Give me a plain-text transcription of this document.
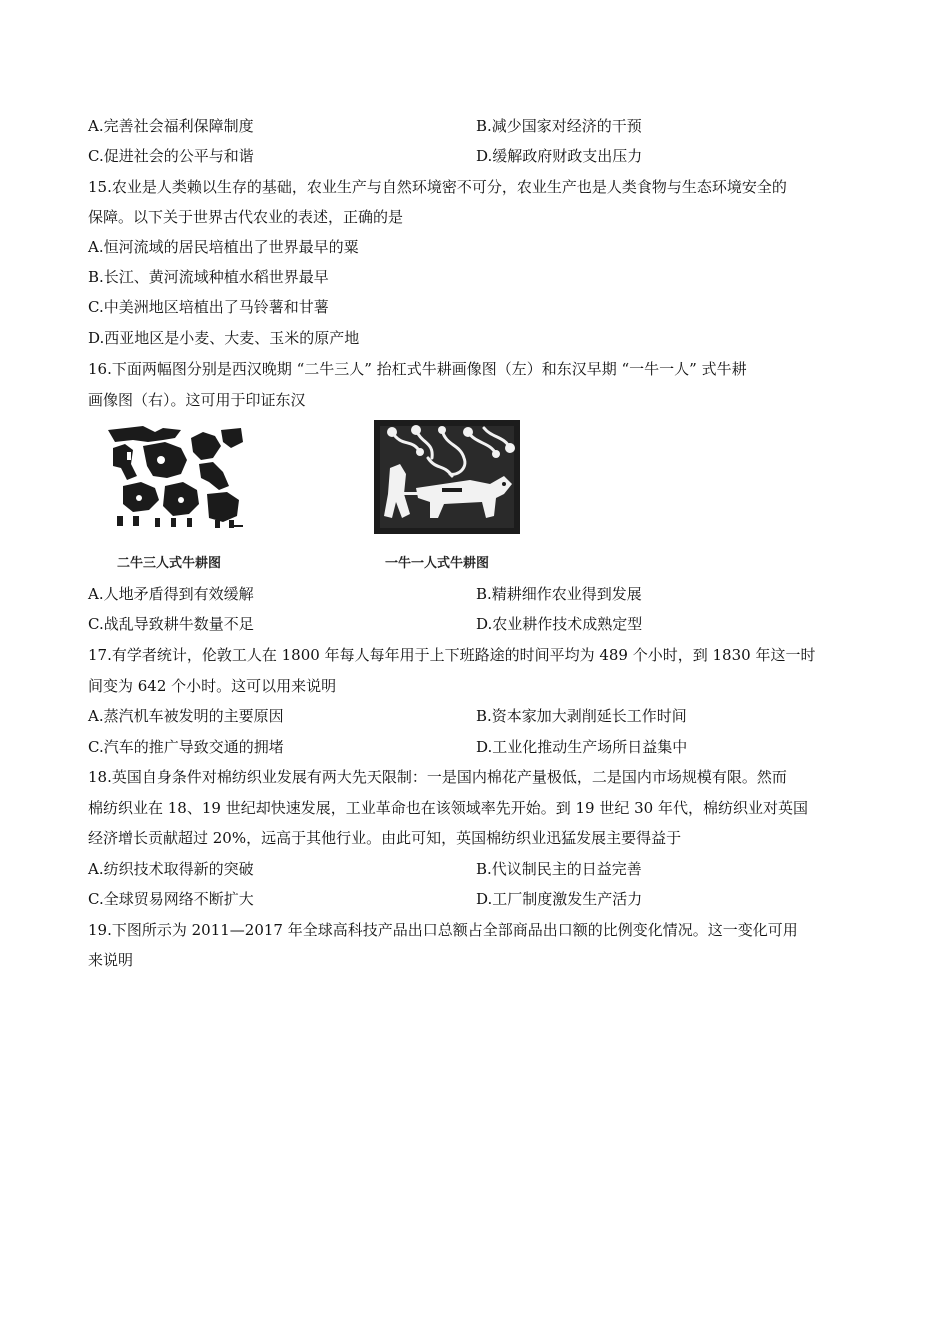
A.完善社会福利保障制度	B.减少国家对经济的干预
C.促进社会的公平与和谐	D.缓解政府财政支出压力
15.农业是人类赖以生存的基础，农业生产与自然环境密不可分，农业生产也是人类食物与生态环境安全的
保障。以下关于世界古代农业的表述，正确的是
A.恒河流域的居民培植出了世界最早的粟
B.长江、黄河流域种植水稻世界最早
C.中美洲地区培植出了马铃薯和甘薯
D.西亚地区是小麦、大麦、玉米的原产地
16.下面两幅图分别是西汉晚期 “二牛三人” 抬杠式牛耕画像图（左）和东汉早期 “一牛一人” 式牛耕
画像图（右）。这可用于印证东汉
二牛三人式牛耕图	一牛一人式牛耕图
A.人地矛盾得到有效缓解	B.精耕细作农业得到发展
C.战乱导致耕牛数量不足	D.农业耕作技术成熟定型
17.有学者统计，伦敦工人在 1800 年每人每年用于上下班路途的时间平均为 489 个小时，到 1830 年这一时
间变为 642 个小时。这可以用来说明
A.蒸汽机车被发明的主要原因	B.资本家加大剥削延长工作时间
C.汽车的推广导致交通的拥堵	D.工业化推动生产场所日益集中
18.英国自身条件对棉纺织业发展有两大先天限制：一是国内棉花产量极低，二是国内市场规模有限。然而
棉纺织业在 18、19 世纪却快速发展，工业革命也在该领域率先开始。到 19 世纪 30 年代，棉纺织业对英国
经济增长贡献超过 20%，远高于其他行业。由此可知，英国棉纺织业迅猛发展主要得益于
A.纺织技术取得新的突破	B.代议制民主的日益完善
C.全球贸易网络不断扩大	D.工厂制度激发生产活力
19.下图所示为 2011—2017 年全球高科技产品出口总额占全部商品出口额的比例变化情况。这一变化可用
来说明
